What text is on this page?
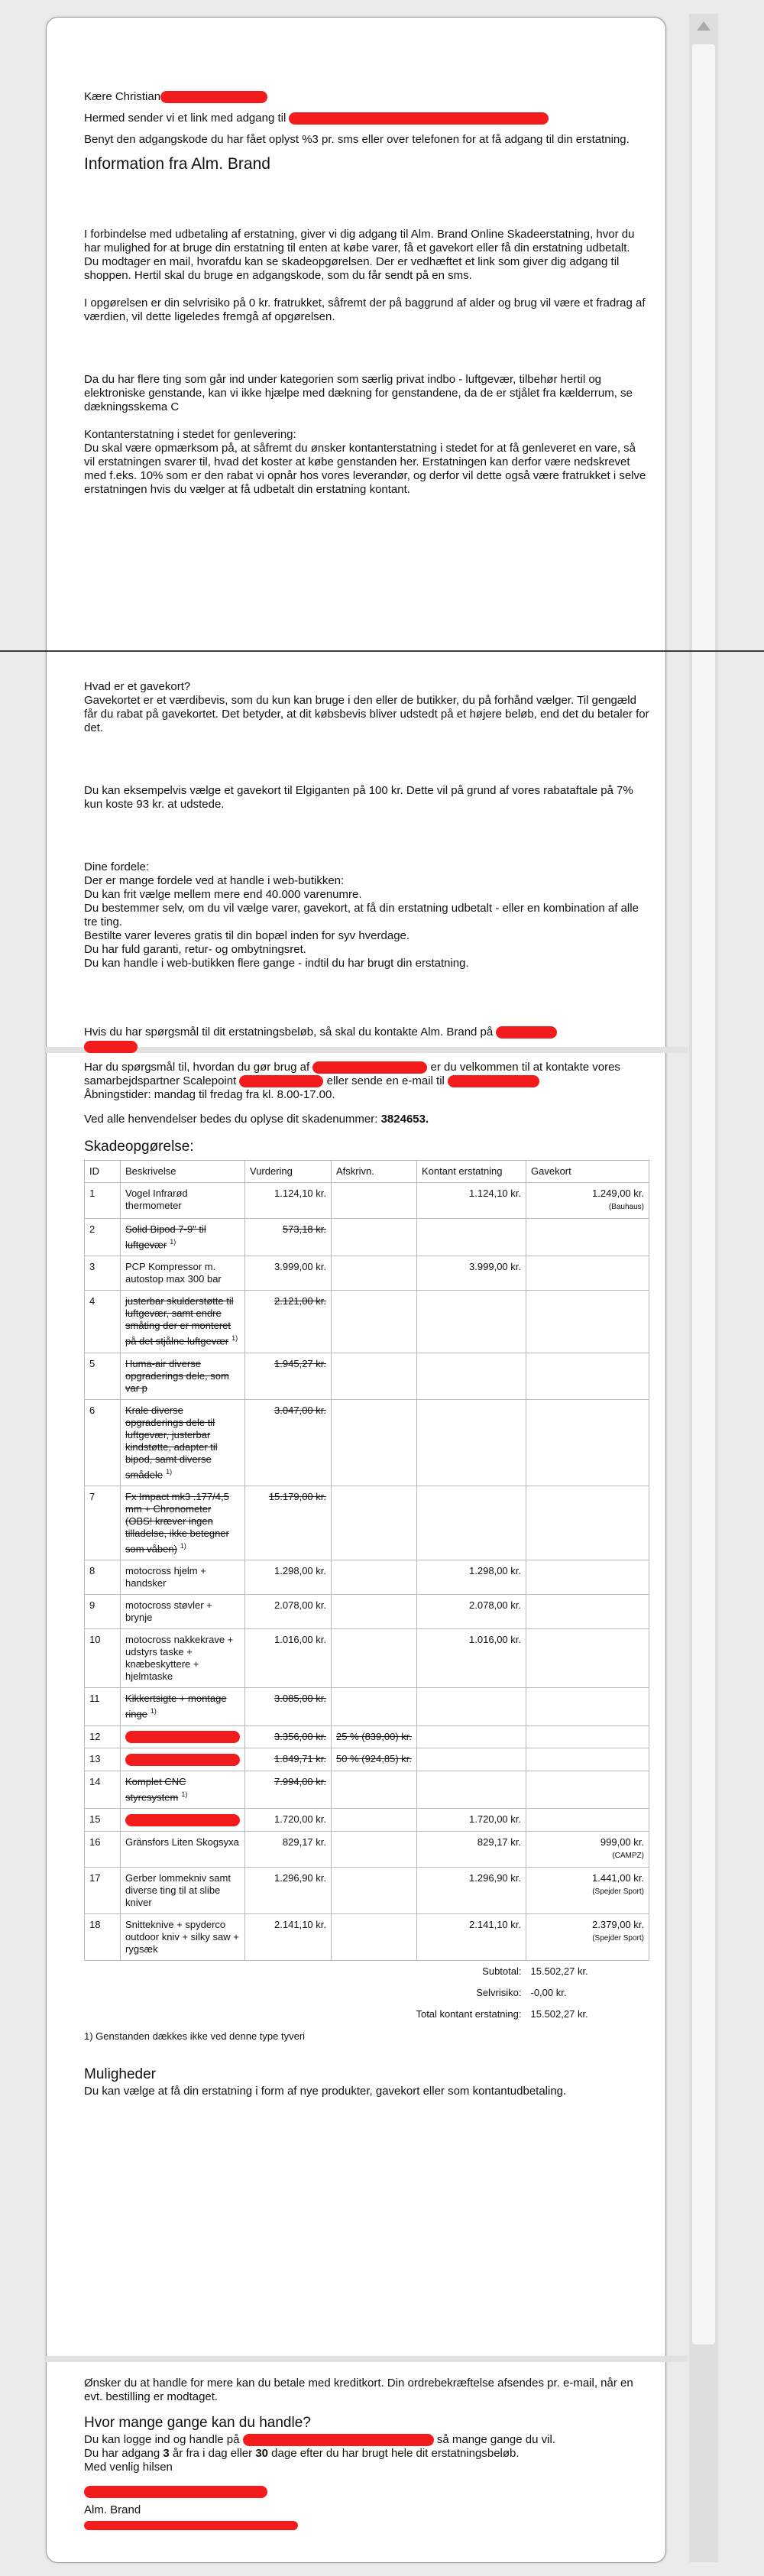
Kære Christian

Hermed sender vi et link med adgang til

Benyt den adgangskode du har fået oplyst %3 pr. sms eller over telefonen for at få adgang til din erstatning.

Information fra Alm. Brand

I forbindelse med udbetaling af erstatning, giver vi dig adgang til Alm. Brand Online Skadeerstatning, hvor du har mulighed for at bruge din erstatning til enten at købe varer, få et gavekort eller få din erstatning udbetalt.

Du modtager en mail, hvorafdu kan se skadeopgørelsen. Der er vedhæftet et link som giver dig adgang til shoppen. Hertil skal du bruge en adgangskode, som du får sendt på en sms.

I opgørelsen er din selvrisiko på 0 kr. fratrukket, såfremt der på baggrund af alder og brug vil være et fradrag af værdien, vil dette ligeledes fremgå af opgørelsen.

Da du har flere ting som går ind under kategorien som særlig privat indbo - luftgevær, tilbehør hertil og elektroniske genstande, kan vi ikke hjælpe med dækning for genstandene, da de er stjålet fra kælderrum, se dækningsskema C

Kontanterstatning i stedet for genlevering:

Du skal være opmærksom på, at såfremt du ønsker kontanterstatning i stedet for at få genleveret en vare, så vil erstatningen svarer til, hvad det koster at købe genstanden her. Erstatningen kan derfor være nedskrevet med f.eks. 10% som er den rabat vi opnår hos vores leverandør, og derfor vil dette også være fratrukket i selve erstatningen hvis du vælger at få udbetalt din erstatning kontant.

Hvad er et gavekort?

Gavekortet er et værdibevis, som du kun kan bruge i den eller de butikker, du på forhånd vælger. Til gengæld får du rabat på gavekortet. Det betyder, at dit købsbevis bliver udstedt på et højere beløb, end det du betaler for det.

Du kan eksempelvis vælge et gavekort til Elgiganten på 100 kr. Dette vil på grund af vores rabataftale på 7% kun koste 93 kr. at udstede.

Dine fordele:

Der er mange fordele ved at handle i web-butikken:

Du kan frit vælge mellem mere end 40.000 varenumre.

Du bestemmer selv, om du vil vælge varer, gavekort, at få din erstatning udbetalt - eller en kombination af alle tre ting.

Bestilte varer leveres gratis til din bopæl inden for syv hverdage.

Du har fuld garanti, retur- og ombytningsret.

Du kan handle i web-butikken flere gange - indtil du har brugt din erstatning.

Hvis du har spørgsmål til dit erstatningsbeløb, så skal du kontakte Alm. Brand på

Har du spørgsmål til, hvordan du gør brug af	er du velkommen til at kontakte vores samarbejdspartner Scalepoint	eller sende en e-mail til

Åbningstider: mandag til fredag fra kl. 8.00-17.00.

Ved alle henvendelser bedes du oplyse dit skadenummer: 3824653.

Skadeopgørelse:
ID	Beskrivelse	Vurdering	Afskrivn.	Kontant erstatning	Gavekort
1	Vogel Infrarød thermometer	1.124,10 kr.		1.124,10 kr.	1.249,00 kr.
(Bauhaus)

2	Solid Bipod 7-9" til luftgevær $^{1)}$	573,18 kr.			
3	PCP Kompressor m. autostop max 300 bar	3.999,00 kr.		3.999,00 kr.	
4	justerbar skulderstøtte til luftgevær, samt endre småting der er monteret på det stjålne luftgevær $^{1)}$	2.121,00 kr.			
5	Huma-air diverse opgraderings dele, som var p	1.945,27 kr.			
6	Krale diverse opgraderings dele til luftgevær, justerbar kindstøtte, adapter til bipod, samt diverse smådele $^{1)}$	3.047,00 kr.			
7	Fx Impact mk3 .177/4,5 mm + Chronometer (OBS! kræver ingen tilladelse, ikke betegner som våben) $^{1)}$	15.179,00 kr.			
8	motocross hjelm + handsker	1.298,00 kr.		1.298,00 kr.	
9	motocross støvler + brynje	2.078,00 kr.		2.078,00 kr.	
10	motocross nakkekrave + udstyrs taske + knæbeskyttere + hjelmtaske	1.016,00 kr.		1.016,00 kr.	
11	Kikkertsigte + montage ringe $^{1)}$	3.085,00 kr.			
12		3.356,00 kr.	25 % (839,00) kr.		
13		1.849,71 kr.	50 % (924,85) kr.		
14	Komplet CNC styresystem $^{1)}$	7.994,00 kr.			
15		1.720,00 kr.		1.720,00 kr.	
16	Gränsfors Liten Skogsyxa	829,17 kr.		829,17 kr.	999,00 kr.
(CAMPZ)

17	Gerber lommekniv samt diverse ting til at slibe kniver	1.296,90 kr.		1.296,90 kr.	1.441,00 kr.
(Spejder Sport)

18	Snitteknive + spyderco outdoor kniv + silky saw + rygsæk	2.141,10 kr.		2.141,10 kr.	2.379,00 kr.
(Spejder Sport)

			Subtotal:		15.502,27 kr.
			Selvrisiko:		-0,00 kr.
			Total kontant erstatning:		15.502,27 kr.

1) Genstanden dækkes ikke ved denne type tyveri

Muligheder

Du kan vælge at få din erstatning i form af nye produkter, gavekort eller som kontantudbetaling.

Ønsker du at handle for mere kan du betale med kreditkort. Din ordrebekræftelse afsendes pr. e-mail, når en evt. bestilling er modtaget.

Hvor mange gange kan du handle?

Du kan logge ind og handle på	så mange gange du vil.

Du har adgang 3 år fra i dag eller 30 dage efter du har brugt hele dit erstatningsbeløb.

Med venlig hilsen

Alm. Brand
